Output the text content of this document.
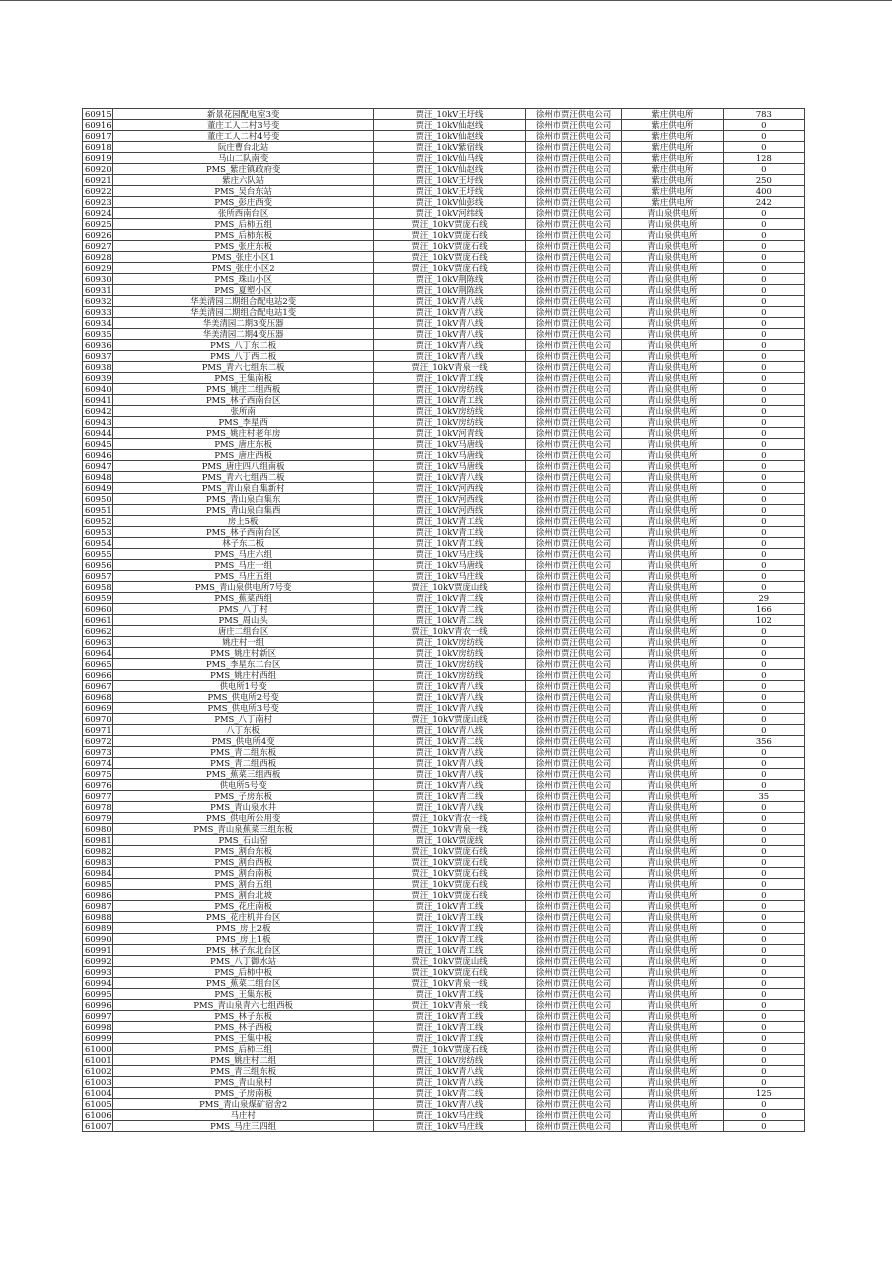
60915	新景花园配电室3变	贾汪_10kV王圩线	徐州市贾汪供电公司	紫庄供电所	783
60916	董庄工人二村3号变	贾汪_10kV仙赵线	徐州市贾汪供电公司	紫庄供电所	0
60917	董庄工人二村4号变	贾汪_10kV仙赵线	徐州市贾汪供电公司	紫庄供电所	0
60918	阮庄曹台北站	贾汪_10kV紫宿线	徐州市贾汪供电公司	紫庄供电所	0
60919	马山二队南变	贾汪_10kV仙马线	徐州市贾汪供电公司	紫庄供电所	128
60920	PMS_紫庄镇政府变	贾汪_10kV仙赵线	徐州市贾汪供电公司	紫庄供电所	0
60921	紫庄六队站	贾汪_10kV王圩线	徐州市贾汪供电公司	紫庄供电所	250
60922	PMS_吴台东站	贾汪_10kV王圩线	徐州市贾汪供电公司	紫庄供电所	400
60923	PMS_彭庄西变	贾汪_10kV仙彭线	徐州市贾汪供电公司	紫庄供电所	242
60924	张所西南台区	贾汪_10kV河纬线	徐州市贾汪供电公司	青山泉供电所	0
60925	PMS_后柿五组	贾汪_10kV贾庞石线	徐州市贾汪供电公司	青山泉供电所	0
60926	PMS_后柿东板	贾汪_10kV贾庞石线	徐州市贾汪供电公司	青山泉供电所	0
60927	PMS_张庄东板	贾汪_10kV贾庞石线	徐州市贾汪供电公司	青山泉供电所	0
60928	PMS_张庄小区1	贾汪_10kV贾庞石线	徐州市贾汪供电公司	青山泉供电所	0
60929	PMS_张庄小区2	贾汪_10kV贾庞石线	徐州市贾汪供电公司	青山泉供电所	0
60930	PMS_珠山小区	贾汪_10kV荆陈线	徐州市贾汪供电公司	青山泉供电所	0
60931	PMS_夏塑小区	贾汪_10kV荆陈线	徐州市贾汪供电公司	青山泉供电所	0
60932	华美清园二期组合配电站2变	贾汪_10kV青八线	徐州市贾汪供电公司	青山泉供电所	0
60933	华美清园二期组合配电站1变	贾汪_10kV青八线	徐州市贾汪供电公司	青山泉供电所	0
60934	华美清园二期3变压器	贾汪_10kV青八线	徐州市贾汪供电公司	青山泉供电所	0
60935	华美清园二期4变压器	贾汪_10kV青八线	徐州市贾汪供电公司	青山泉供电所	0
60936	PMS_八丁东二板	贾汪_10kV青八线	徐州市贾汪供电公司	青山泉供电所	0
60937	PMS_八丁西二板	贾汪_10kV青八线	徐州市贾汪供电公司	青山泉供电所	0
60938	PMS_青六七组东二板	贾汪_10kV青泉一线	徐州市贾汪供电公司	青山泉供电所	0
60939	PMS_王集南板	贾汪_10kV青工线	徐州市贾汪供电公司	青山泉供电所	0
60940	PMS_姚庄二组西板	贾汪_10kV房纺线	徐州市贾汪供电公司	青山泉供电所	0
60941	PMS_林子西南台区	贾汪_10kV青工线	徐州市贾汪供电公司	青山泉供电所	0
60942	张所南	贾汪_10kV房纺线	徐州市贾汪供电公司	青山泉供电所	0
60943	PMS_李星西	贾汪_10kV房纺线	徐州市贾汪供电公司	青山泉供电所	0
60944	PMS_姚庄村老年房	贾汪_10kV河青线	徐州市贾汪供电公司	青山泉供电所	0
60945	PMS_唐庄东板	贾汪_10kV马唐线	徐州市贾汪供电公司	青山泉供电所	0
60946	PMS_唐庄西板	贾汪_10kV马唐线	徐州市贾汪供电公司	青山泉供电所	0
60947	PMS_唐庄四八组南板	贾汪_10kV马唐线	徐州市贾汪供电公司	青山泉供电所	0
60948	PMS_青六七组西二板	贾汪_10kV青八线	徐州市贾汪供电公司	青山泉供电所	0
60949	PMS_青山泉自集新村	贾汪_10kV河西线	徐州市贾汪供电公司	青山泉供电所	0
60950	PMS_青山泉白集东	贾汪_10kV河西线	徐州市贾汪供电公司	青山泉供电所	0
60951	PMS_青山泉白集西	贾汪_10kV河西线	徐州市贾汪供电公司	青山泉供电所	0
60952	房上5板	贾汪_10kV青工线	徐州市贾汪供电公司	青山泉供电所	0
60953	PMS_林子西南台区	贾汪_10kV青工线	徐州市贾汪供电公司	青山泉供电所	0
60954	林子东二板	贾汪_10kV青工线	徐州市贾汪供电公司	青山泉供电所	0
60955	PMS_马庄六组	贾汪_10kV马庄线	徐州市贾汪供电公司	青山泉供电所	0
60956	PMS_马庄一组	贾汪_10kV马唐线	徐州市贾汪供电公司	青山泉供电所	0
60957	PMS_马庄五组	贾汪_10kV马庄线	徐州市贾汪供电公司	青山泉供电所	0
60958	PMS_青山泉供电所7号变	贾汪_10kV贾庞山线	徐州市贾汪供电公司	青山泉供电所	0
60959	PMS_蕉菜西组	贾汪_10kV青二线	徐州市贾汪供电公司	青山泉供电所	29
60960	PMS_八丁村	贾汪_10kV青二线	徐州市贾汪供电公司	青山泉供电所	166
60961	PMS_周山头	贾汪_10kV青二线	徐州市贾汪供电公司	青山泉供电所	102
60962	唐庄二组台区	贾汪_10kV青农一线	徐州市贾汪供电公司	青山泉供电所	0
60963	姚庄村一组	贾汪_10kV房纺线	徐州市贾汪供电公司	青山泉供电所	0
60964	PMS_姚庄村新区	贾汪_10kV房纺线	徐州市贾汪供电公司	青山泉供电所	0
60965	PMS_李星东二台区	贾汪_10kV房纺线	徐州市贾汪供电公司	青山泉供电所	0
60966	PMS_姚庄村西组	贾汪_10kV房纺线	徐州市贾汪供电公司	青山泉供电所	0
60967	供电所1号变	贾汪_10kV青八线	徐州市贾汪供电公司	青山泉供电所	0
60968	PMS_供电所2号变	贾汪_10kV青八线	徐州市贾汪供电公司	青山泉供电所	0
60969	PMS_供电所3号变	贾汪_10kV青八线	徐州市贾汪供电公司	青山泉供电所	0
60970	PMS_八丁南村	贾汪_10kV贾庞山线	徐州市贾汪供电公司	青山泉供电所	0
60971	八丁东板	贾汪_10kV青八线	徐州市贾汪供电公司	青山泉供电所	0
60972	PMS_供电所4变	贾汪_10kV青二线	徐州市贾汪供电公司	青山泉供电所	356
60973	PMS_青二组东板	贾汪_10kV青八线	徐州市贾汪供电公司	青山泉供电所	0
60974	PMS_青二组西板	贾汪_10kV青八线	徐州市贾汪供电公司	青山泉供电所	0
60975	PMS_蕉菜三组西板	贾汪_10kV青八线	徐州市贾汪供电公司	青山泉供电所	0
60976	供电所5号变	贾汪_10kV青八线	徐州市贾汪供电公司	青山泉供电所	0
60977	PMS_子房东板	贾汪_10kV青二线	徐州市贾汪供电公司	青山泉供电所	35
60978	PMS_青山泉水井	贾汪_10kV青八线	徐州市贾汪供电公司	青山泉供电所	0
60979	PMS_供电所公用变	贾汪_10kV青农一线	徐州市贾汪供电公司	青山泉供电所	0
60980	PMS_青山泉蕉菜三组东板	贾汪_10kV青泉一线	徐州市贾汪供电公司	青山泉供电所	0
60981	PMS_石山窑	贾汪_10kV贾庞线	徐州市贾汪供电公司	青山泉供电所	0
60982	PMS_割台东板	贾汪_10kV贾庞石线	徐州市贾汪供电公司	青山泉供电所	0
60983	PMS_割台西板	贾汪_10kV贾庞石线	徐州市贾汪供电公司	青山泉供电所	0
60984	PMS_割台南板	贾汪_10kV贾庞石线	徐州市贾汪供电公司	青山泉供电所	0
60985	PMS_割台五组	贾汪_10kV贾庞石线	徐州市贾汪供电公司	青山泉供电所	0
60986	PMS_割台北坡	贾汪_10kV贾庞石线	徐州市贾汪供电公司	青山泉供电所	0
60987	PMS_花庄南板	贾汪_10kV青工线	徐州市贾汪供电公司	青山泉供电所	0
60988	PMS_花庄机井台区	贾汪_10kV青工线	徐州市贾汪供电公司	青山泉供电所	0
60989	PMS_房上2板	贾汪_10kV青工线	徐州市贾汪供电公司	青山泉供电所	0
60990	PMS_房上1板	贾汪_10kV青工线	徐州市贾汪供电公司	青山泉供电所	0
60991	PMS_林子东北台区	贾汪_10kV青工线	徐州市贾汪供电公司	青山泉供电所	0
60992	PMS_八丁御水站	贾汪_10kV贾庞山线	徐州市贾汪供电公司	青山泉供电所	0
60993	PMS_后柿中板	贾汪_10kV贾庞石线	徐州市贾汪供电公司	青山泉供电所	0
60994	PMS_蕉菜二组台区	贾汪_10kV青泉一线	徐州市贾汪供电公司	青山泉供电所	0
60995	PMS_王集东板	贾汪_10kV青工线	徐州市贾汪供电公司	青山泉供电所	0
60996	PMS_青山泉青六七组西板	贾汪_10kV青泉一线	徐州市贾汪供电公司	青山泉供电所	0
60997	PMS_林子东板	贾汪_10kV青工线	徐州市贾汪供电公司	青山泉供电所	0
60998	PMS_林子西板	贾汪_10kV青工线	徐州市贾汪供电公司	青山泉供电所	0
60999	PMS_王集中板	贾汪_10kV青工线	徐州市贾汪供电公司	青山泉供电所	0
61000	PMS_后柿三组	贾汪_10kV贾庞石线	徐州市贾汪供电公司	青山泉供电所	0
61001	PMS_姚庄村二组	贾汪_10kV房纺线	徐州市贾汪供电公司	青山泉供电所	0
61002	PMS_青三组东板	贾汪_10kV青八线	徐州市贾汪供电公司	青山泉供电所	0
61003	PMS_青山泉村	贾汪_10kV青八线	徐州市贾汪供电公司	青山泉供电所	0
61004	PMS_子房南板	贾汪_10kV青二线	徐州市贾汪供电公司	青山泉供电所	125
61005	PMS_青山泉煤矿宿舍2	贾汪_10kV青八线	徐州市贾汪供电公司	青山泉供电所	0
61006	马庄村	贾汪_10kV马庄线	徐州市贾汪供电公司	青山泉供电所	0
61007	PMS_马庄三四组	贾汪_10kV马庄线	徐州市贾汪供电公司	青山泉供电所	0
